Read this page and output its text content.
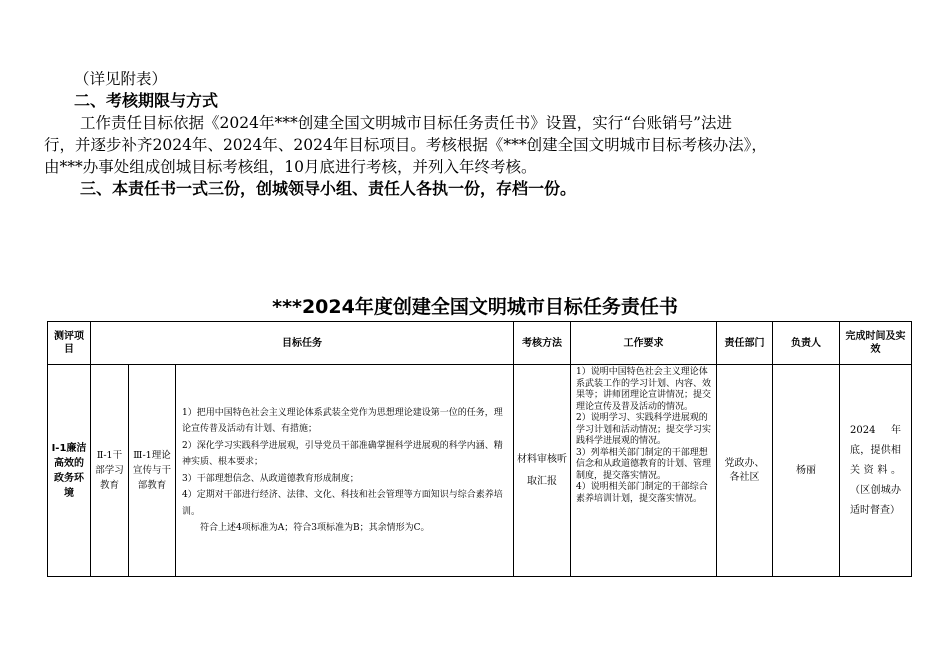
（详见附表）
二、考核期限与方式
工作责任目标依据《2024年***创建全国文明城市目标任务责任书》设置，实行“台账销号”法进
行，并逐步补齐2024年、2024年、2024年目标项目。考核根据《***创建全国文明城市目标考核办法》，
由***办事处组成创城目标考核组，10月底进行考核，并列入年终考核。
三、本责任书一式三份，创城领导小组、责任人各执一份，存档一份。
***2024年度创建全国文明城市目标任务责任书
测评项目	目标任务			考核方法	工作要求	责任部门	负责人	完成时间及实效
Ⅰ-1廉洁高效的政务环境	Ⅱ-1干部学习教育	Ⅲ-1理论宣传与干部教育	1）把用中国特色社会主义理论体系武装全党作为思想理论建设第一位的任务，理论宣传普及活动有计划、有措施；
2）深化学习实践科学进展观，引导党员干部准确掌握科学进展观的科学内涵、精神实质、根本要求；
3）干部理想信念、从政道德教育形成制度；
4）定期对干部进行经济、法律、文化、科技和社会管理等方面知识与综合素养培训。
符合上述4项标准为A；符合3项标准为B；其余情形为C。	材料审核听取汇报	1）说明中国特色社会主义理论体系武装工作的学习计划、内容、效果等；讲师团理论宣讲情况；提交理论宣传及普及活动的情况。
2）说明学习、实践科学进展观的学习计划和活动情况；提交学习实践科学进展观的情况。
3）列举相关部门制定的干部理想信念和从政道德教育的计划、管理制度，提交落实情况。
4）说明相关部门制定的干部综合素养培训计划，提交落实情况。	党政办、各社区	杨丽	2024年底，提供相关资料。（区创城办适时督查）
